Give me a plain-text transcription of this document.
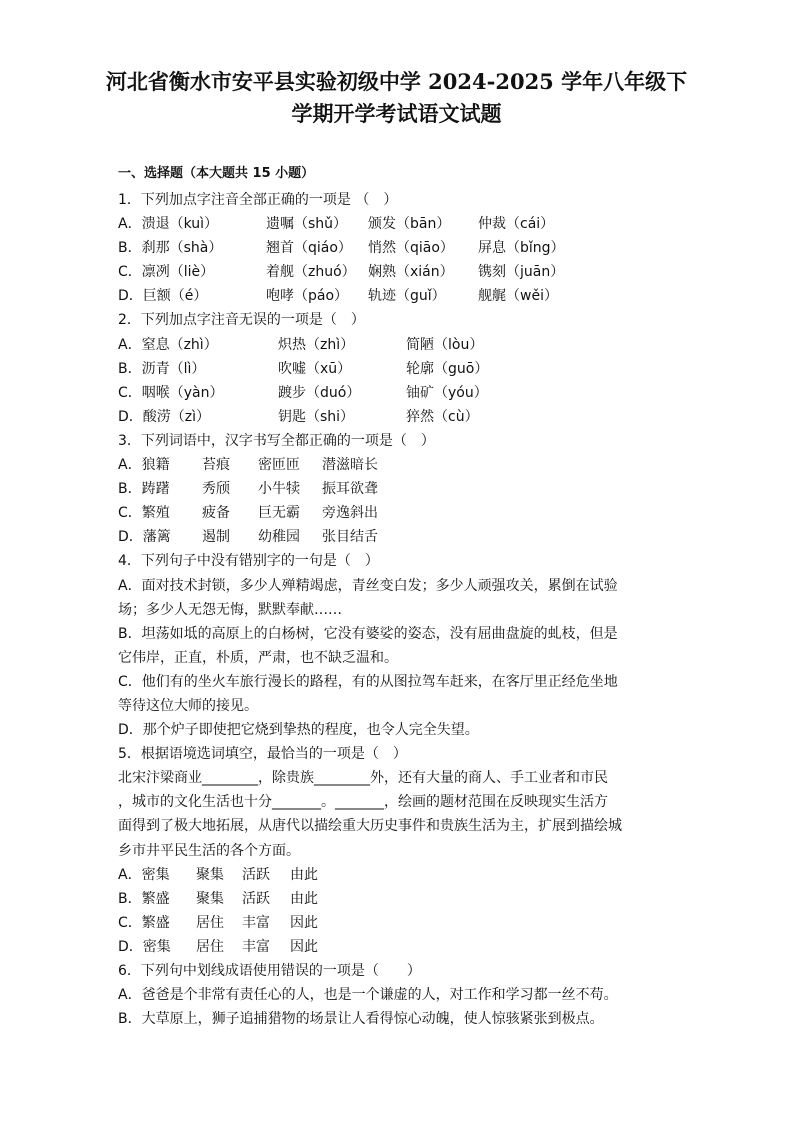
河北省衡水市安平县实验初级中学 2024-2025 学年八年级下
学期开学考试语文试题
一、选择题（本大题共 15 小题）
1．下列加点字注音全部正确的一项是 （　）
A．溃退（kuì）	遗嘱（shǔ） 颁发（bān） 仲裁（cái）
B．刹那（shà）	翘首（qiáo） 悄然（qiāo） 屏息（bǐng）
C．凛冽（liè）	着舰（zhuó） 娴熟（xián） 镌刻（juān）
D．巨额（é）	咆哮（páo） 轨迹（guǐ） 舰艉（wěi）
2．下列加点字注音无误的一项是（　）
A．窒息（zhì）	炽热（zhì）	简陋（lòu）
B．沥青（lì）	吹嘘（xū）	轮廓（guō）
C．咽喉（yàn）	踱步（duó）	铀矿（yóu）
D．酸涝（zì）	钥匙（shi）	猝然（cù）
3．下列词语中，汉字书写全都正确的一项是（　）
A．狼籍 苔痕 密匝匝 潜滋暗长
B．踌躇 秀颀 小牛犊 振耳欲聋
C．繁殖 疲备 巨无霸 旁逸斜出
D．藩篱 遏制 幼稚园 张目结舌
4．下列句子中没有错别字的一句是（　）
A．面对技术封锁，多少人殚精竭虑，青丝变白发；多少人顽强攻关，累倒在试验
场；多少人无怨无悔，默默奉献……
B．坦荡如坻的高原上的白杨树，它没有婆娑的姿态，没有屈曲盘旋的虬枝，但是
它伟岸，正直，朴质，严肃，也不缺乏温和。
C．他们有的坐火车旅行漫长的路程，有的从图拉驾车赶来，在客厅里正经危坐地
等待这位大师的接见。
D．那个炉子即使把它烧到挚热的程度，也令人完全失望。
5．根据语境选词填空，最恰当的一项是（　）
北宋汴梁商业________，除贵族________外，还有大量的商人、手工业者和市民
，城市的文化生活也十分_______。_______，绘画的题材范围在反映现实生活方
面得到了极大地拓展，从唐代以描绘重大历史事件和贵族生活为主，扩展到描绘城
乡市井平民生活的各个方面。
A．密集 聚集 活跃 由此
B．繁盛 聚集 活跃 由此
C．繁盛 居住 丰富 因此
D．密集 居住 丰富 因此
6．下列句中划线成语使用错误的一项是（　　）
A．爸爸是个非常有责任心的人，也是一个谦虚的人，对工作和学习都一丝不苟。
B．大草原上，狮子追捕猎物的场景让人看得惊心动魄，使人惊骇紧张到极点。
